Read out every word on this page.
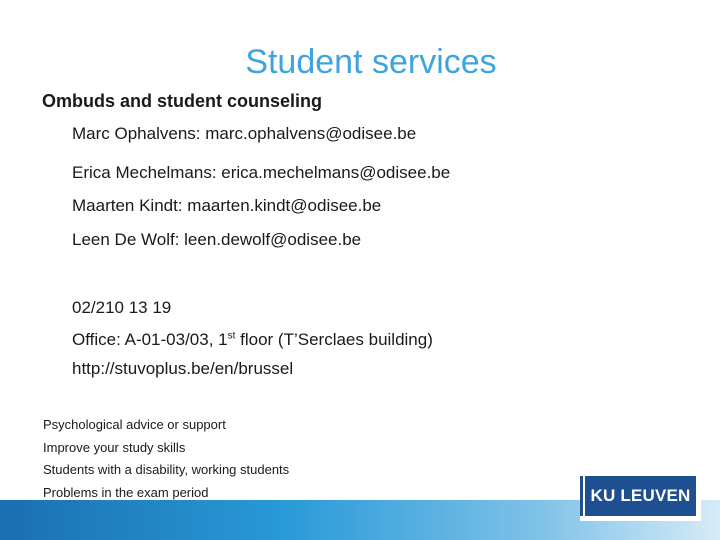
Student services
Ombuds and student counseling
Marc Ophalvens: marc.ophalvens@odisee.be
Erica Mechelmans: erica.mechelmans@odisee.be
Maarten Kindt: maarten.kindt@odisee.be
Leen De Wolf: leen.dewolf@odisee.be
02/210 13 19
Office: A-01-03/03, 1st floor (T’Serclaes building)
http://stuvoplus.be/en/brussel
Psychological advice or support
Improve your study skills
Students with a disability, working students
Problems in the exam period	KU LEUVEN
